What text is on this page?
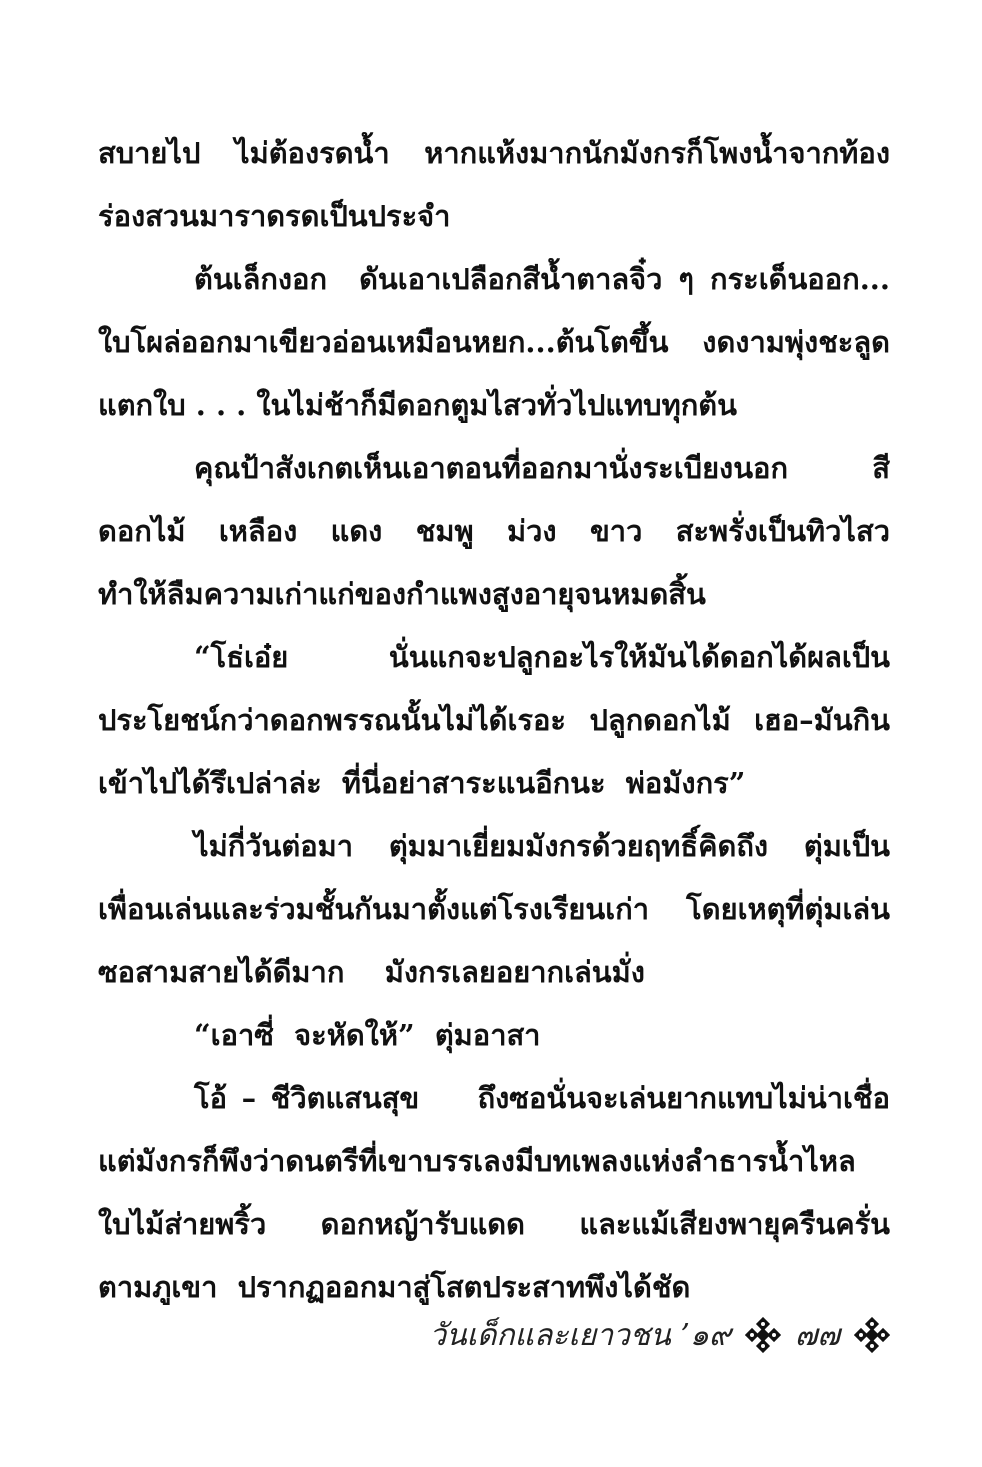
สบายไป  ไม่ต้องรดน้ำ  หากแห้งมากนักมังกรก็โพงน้ำจากท้อง
ร่องสวนมาราดรดเป็นประจำ
ต้นเล็กงอก  ดันเอาเปลือกสีน้ำตาลจิ๋ว ๆ กระเด็นออก...
ใบโผล่ออกมาเขียวอ่อนเหมือนหยก...ต้นโตขึ้น  งดงามพุ่งชะลูด
แตกใบ . . . ในไม่ช้าก็มีดอกตูมไสวทั่วไปแทบทุกต้น
คุณป้าสังเกตเห็นเอาตอนที่ออกมานั่งระเบียงนอก    สี
ดอกไม้  เหลือง  แดง  ชมพู  ม่วง  ขาว  สะพรั่งเป็นทิวไสว
ทำให้ลืมความเก่าแก่ของกำแพงสูงอายุจนหมดสิ้น
“โธ่เอ๋ย    นั่นแกจะปลูกอะไรให้มันได้ดอกได้ผลเป็น
ประโยชน์กว่าดอกพรรณนั้นไม่ได้เรอะ  ปลูกดอกไม้  เฮอ–มันกิน
เข้าไปได้รึเปล่าล่ะ  ที่นี่อย่าสาระแนอีกนะ  พ่อมังกร”
ไม่กี่วันต่อมา  ตุ่มมาเยี่ยมมังกรด้วยฤทธิ์คิดถึง  ตุ่มเป็น
เพื่อนเล่นและร่วมชั้นกันมาตั้งแต่โรงเรียนเก่า  โดยเหตุที่ตุ่มเล่น
ซอสามสายได้ดีมาก    มังกรเลยอยากเล่นมั่ง
“เอาซี่  จะหัดให้”  ตุ่มอาสา
โอ้ – ชีวิตแสนสุข    ถึงซอนั่นจะเล่นยากแทบไม่น่าเชื่อ
แต่มังกรก็พึงว่าดนตรีที่เขาบรรเลงมีบทเพลงแห่งลำธารน้ำไหล
ใบไม้ส่ายพริ้ว    ดอกหญ้ารับแดด    และแม้เสียงพายุครืนครั่น
ตามภูเขา  ปรากฏออกมาสู่โสตประสาทพึงได้ชัด
วันเด็กและเยาวชน ’๑๙ ๗๗
